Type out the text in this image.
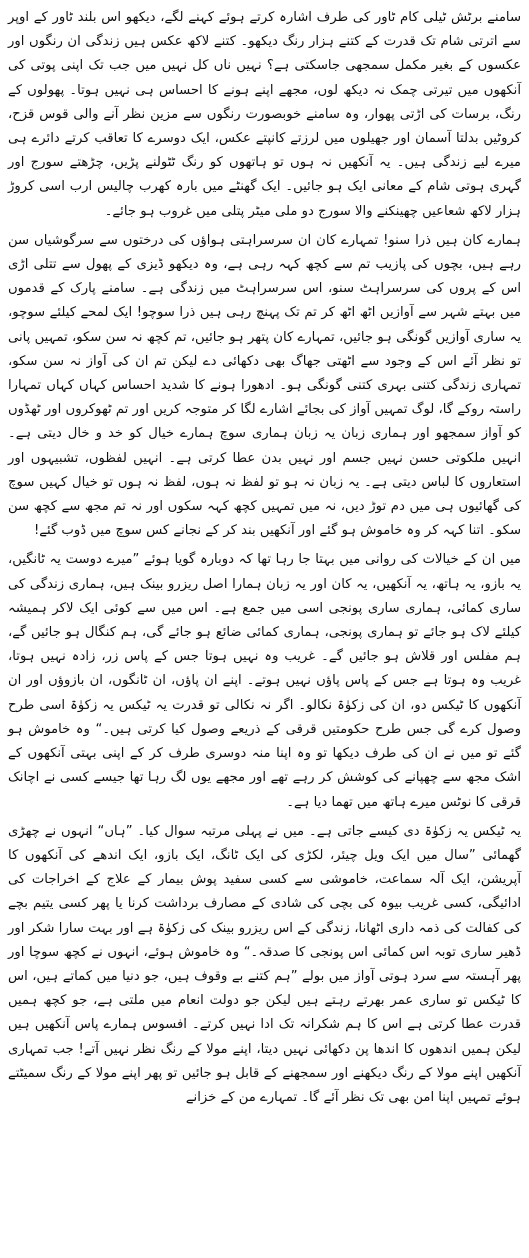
سامنے برٹش ٹیلی کام ٹاور کی طرف اشارہ کرتے ہوئے کہنے لگے، دیکھو اس بلند ٹاور کے اوپر سے اترتی شام تک قدرت کے کتنے ہزار رنگ دیکھو۔ کتنے لاکھ عکس ہیں زندگی ان رنگوں اور عکسوں کے بغیر مکمل سمجھی جاسکتی ہے؟ نہیں ناں کل نہیں میں جب تک اپنی پوتی کی آنکھوں میں تیرتی چمک نہ دیکھ لوں، مجھے اپنے ہونے کا احساس ہی نہیں ہوتا۔ پھولوں کے رنگ، برسات کی اڑتی پھوار، وہ سامنے خوبصورت رنگوں سے مزین نظر آنے والی قوس قزح، کروٹیں بدلتا آسمان اور جھیلوں میں لرزتے کانپتے عکس، ایک دوسرے کا تعاقب کرتے دائرے ہی میرے لیے زندگی ہیں۔ یہ آنکھیں نہ ہوں تو ہاتھوں کو رنگ ٹٹولنے پڑیں، چڑھتے سورج اور گہری ہوتی شام کے معانی ایک ہو جائیں۔ ایک گھنٹے میں بارہ کھرب چالیس ارب اسی کروڑ ہزار لاکھ شعاعیں چھینکنے والا سورج دو ملی میٹر پتلی میں غروب ہو جائے۔

ہمارے کان ہیں ذرا سنو! تمہارے کان ان سرسراہتی ہواؤں کی درختوں سے سرگوشیاں سن رہے ہیں، بچوں کی پازیب تم سے کچھ کہہ رہی ہے، وہ دیکھو ڈیزی کے پھول سے تتلی اڑی اس کے پروں کی سرسراہٹ سنو، اس سرسراہٹ میں زندگی ہے۔ سامنے پارک کے قدموں میں بہتے شہر سے آوازیں اٹھ اٹھ کر تم تک پہنچ رہی ہیں ذرا سوچو! ایک لمحے کیلئے سوچو، یہ ساری آوازیں گونگی ہو جائیں، تمہارے کان پتھر ہو جائیں، تم کچھ نہ سن سکو، تمہیں پانی تو نظر آئے اس کے وجود سے اٹھتی جھاگ بھی دکھائی دے لیکن تم ان کی آواز نہ سن سکو، تمہاری زندگی کتنی بہری کتنی گونگی ہو۔ ادھورا ہونے کا شدید احساس کہاں کہاں تمہارا راستہ روکے گا، لوگ تمہیں آواز کی بجائے اشارے لگا کر متوجہ کریں اور تم ٹھوکروں اور ٹھڈوں کو آواز سمجھو اور ہماری زبان یہ زبان ہماری سوچ ہمارے خیال کو خد و خال دیتی ہے۔ انہیں ملکوتی حسن نہیں جسم اور نہیں بدن عطا کرتی ہے۔ انہیں لفظوں، تشبیہوں اور استعاروں کا لباس دیتی ہے۔ یہ زبان نہ ہو تو لفظ نہ ہوں، لفظ نہ ہوں تو خیال کہیں سوچ کی گھائیوں ہی میں دم توڑ دیں، نہ میں تمہیں کچھ کہہ سکوں اور نہ تم مجھ سے کچھ سن سکو۔ اتنا کہہ کر وہ خاموش ہو گئے اور آنکھیں بند کر کے نجانے کس سوچ میں ڈوب گئے!

میں ان کے خیالات کی روانی میں بہتا جا رہا تھا کہ دوبارہ گویا ہوئے ”میرے دوست یہ ٹانگیں، یہ بازو، یہ ہاتھ، یہ آنکھیں، یہ کان اور یہ زبان ہمارا اصل ریزرو بینک ہیں، ہماری زندگی کی ساری کمائی، ہماری ساری پونجی اسی میں جمع ہے۔ اس میں سے کوئی ایک لاکر ہمیشہ کیلئے لاک ہو جائے تو ہماری پونجی، ہماری کمائی ضائع ہو جائے گی، ہم کنگال ہو جائیں گے، ہم مفلس اور قلاش ہو جائیں گے۔ غریب وہ نہیں ہوتا جس کے پاس زر، زادہ نہیں ہوتا، غریب وہ ہوتا ہے جس کے پاس پاؤں نہیں ہوتے۔ اپنے ان پاؤں، ان ٹانگوں، ان بازوؤں اور ان آنکھوں کا ٹیکس دو، ان کی زکوٰۃ نکالو۔ اگر نہ نکالی تو قدرت یہ ٹیکس یہ زکوٰۃ اسی طرح وصول کرے گی جس طرح حکومتیں قرقی کے ذریعے وصول کیا کرتی ہیں۔“ وہ خاموش ہو گئے تو میں نے ان کی طرف دیکھا تو وہ اپنا منہ دوسری طرف کر کے اپنی بہتی آنکھوں کے اشک مجھ سے چھپانے کی کوشش کر رہے تھے اور مجھے یوں لگ رہا تھا جیسے کسی نے اچانک قرقی کا نوٹس میرے ہاتھ میں تھما دیا ہے۔

یہ ٹیکس یہ زکوٰۃ دی کیسے جاتی ہے۔ میں نے پہلی مرتبہ سوال کیا۔ ”ہاں“ انہوں نے چھڑی گھمائی ”سال میں ایک ویل چیئر، لکڑی کی ایک ٹانگ، ایک بازو، ایک اندھے کی آنکھوں کا آپریشن، ایک آلہ سماعت، خاموشی سے کسی سفید پوش بیمار کے علاج کے اخراجات کی ادائیگی، کسی غریب بیوہ کی بچی کی شادی کے مصارف برداشت کرنا یا پھر کسی یتیم بچے کی کفالت کی ذمہ داری اٹھانا، زندگی کے اس ریزرو بینک کی زکوٰۃ ہے اور بہت سارا شکر اور ڈھیر ساری توبہ اس کمائی اس پونجی کا صدقہ۔“ وہ خاموش ہوئے، انہوں نے کچھ سوچا اور پھر آہستہ سے سرد ہوتی آواز میں بولے ”ہم کتنے بے وقوف ہیں، جو دنیا میں کماتے ہیں، اس کا ٹیکس تو ساری عمر بھرتے رہتے ہیں لیکن جو دولت انعام میں ملتی ہے، جو کچھ ہمیں قدرت عطا کرتی ہے اس کا ہم شکرانہ تک ادا نہیں کرتے۔ افسوس ہمارے پاس آنکھیں ہیں لیکن ہمیں اندھوں کا اندھا پن دکھائی نہیں دیتا، اپنے مولا کے رنگ نظر نہیں آتے! جب تمہاری آنکھیں اپنے مولا کے رنگ دیکھنے اور سمجھنے کے قابل ہو جائیں تو پھر اپنے مولا کے رنگ سمیٹتے ہوئے تمہیں اپنا امن بھی تک نظر آئے گا۔ تمہارے من کے خزانے
